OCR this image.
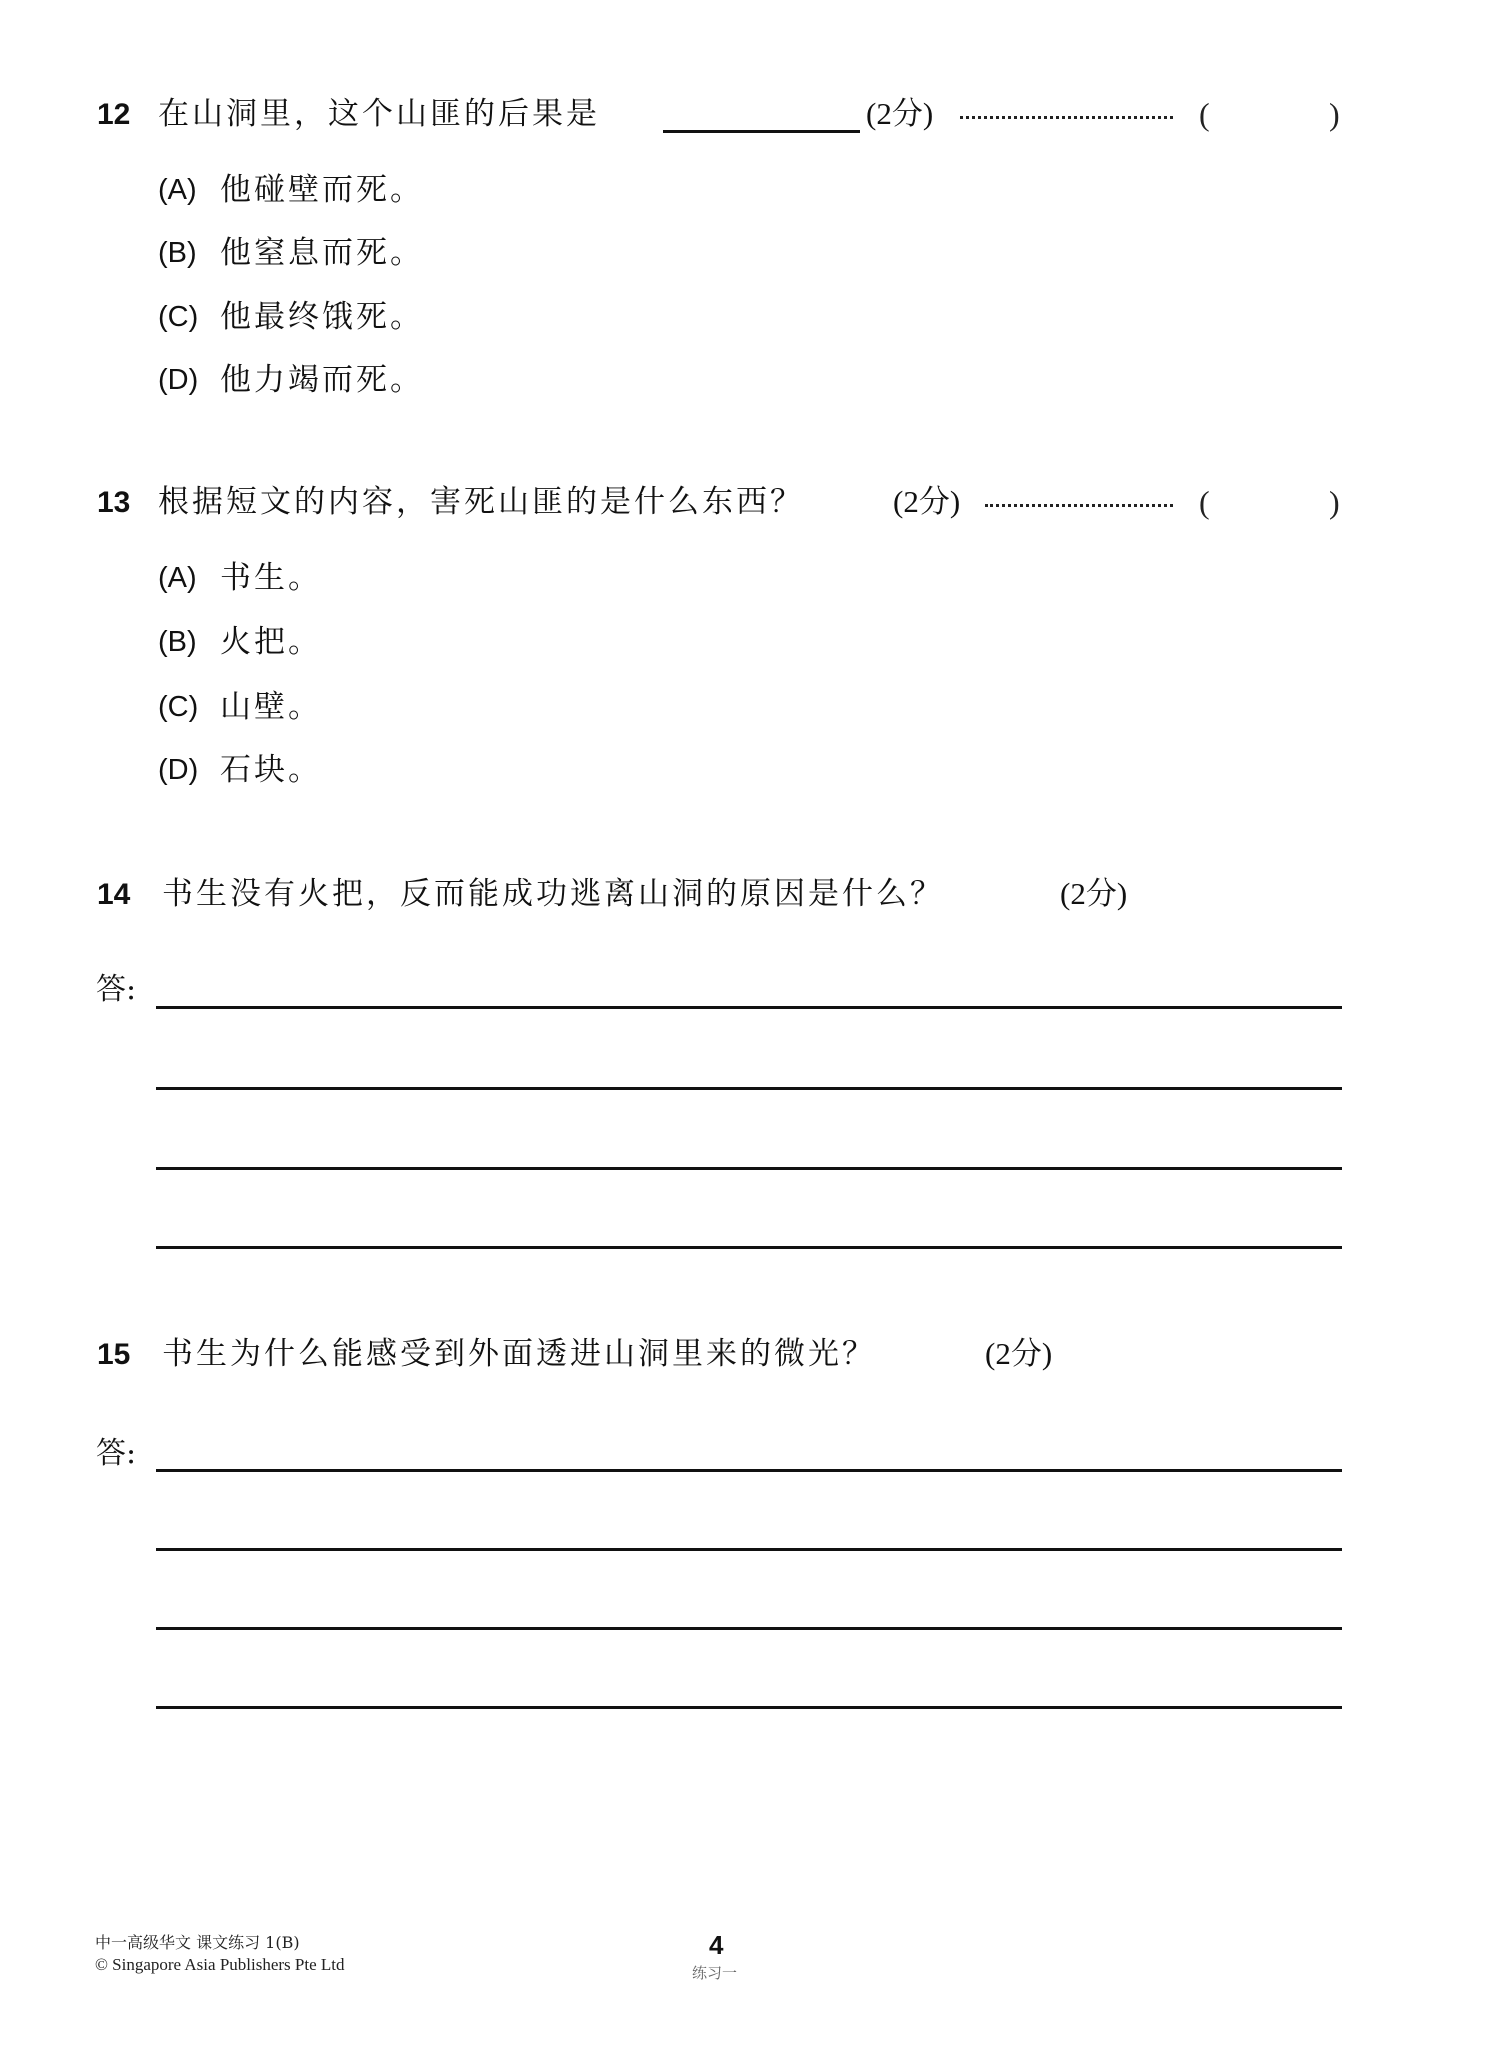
12 在山洞里，这个山匪的后果是	(2分)	(	)
(A) 他碰壁而死。
(B) 他窒息而死。
(C) 他最终饿死。
(D) 他力竭而死。
13 根据短文的内容，害死山匪的是什么东西？	(2分)	(	)
(A) 书生。
(B) 火把。
(C) 山壁。
(D) 石块。
14 书生没有火把，反而能成功逃离山洞的原因是什么？	(2分)
答:
15 书生为什么能感受到外面透进山洞里来的微光？	(2分)
答:
中一高级华文 课文练习 1(B)
© Singapore Asia Publishers Pte Ltd
4
练习一
